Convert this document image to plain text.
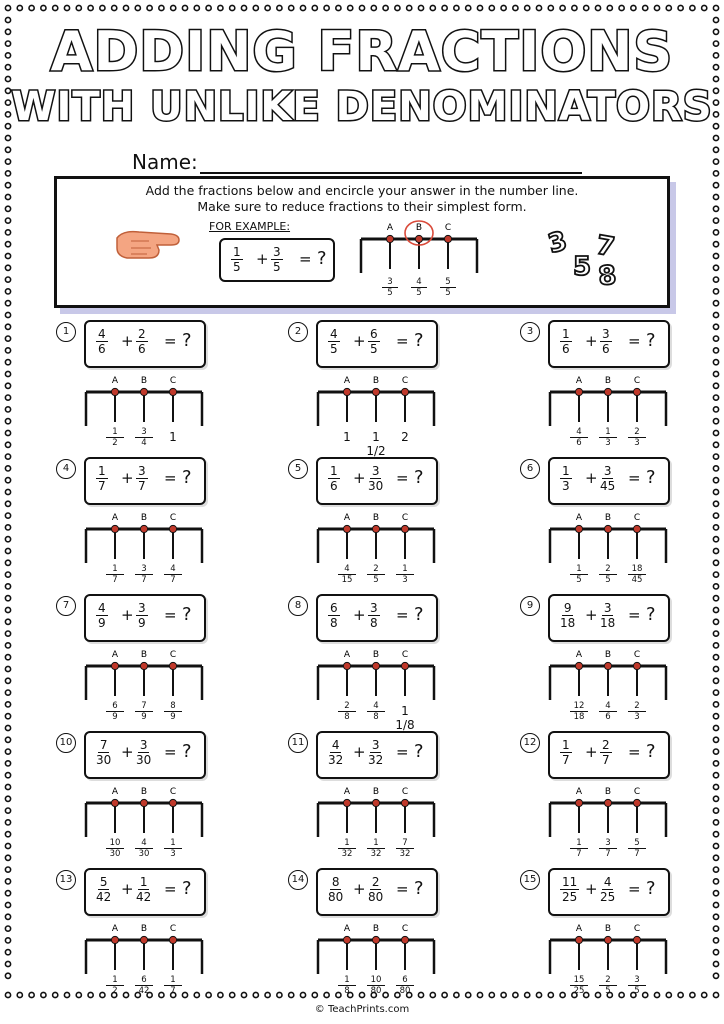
ADDING FRACTIONS
WITH UNLIKE DENOMINATORS
Name:
Add the fractions below and encircle your answer in the number line.
Make sure to reduce fractions to their simplest form.
FOR EXAMPLE:
$\frac{1}{5} + \frac{3}{5}$ = ?
A	B	C	3
5
7
8
3
5
4
5
5
5
1	$\frac{4}{6} + \frac{2}{6}$ = ?
A	B	C
1
2
3
4	1
2	$\frac{4}{5} + \frac{6}{5}$ = ?
A	B	C
1	1 1/2
2
3	$\frac{1}{6} + \frac{3}{6}$ = ?
A	B	C
4
6
1
3
2
3
4	$\frac{1}{7} + \frac{3}{7}$ = ?
A	B	C
1
7
3
7
4
7
5	$\frac{1}{6} + \frac{3}{30}$ = ?
A	B	C
4
15
2
5
1
3
6	$\frac{1}{3} + \frac{3}{45}$ = ?
A	B	C
1
5
2
5
18
45
7	$\frac{4}{9} + \frac{3}{9}$ = ?
A	B	C
6
9
7
9
8
9
8	$\frac{6}{8} + \frac{3}{8}$ = ?
A	B	C
2
8
4
8	1 1/8
9	$\frac{9}{18} + \frac{3}{18}$ = ?
A	B	C
12
18
4
6
2
3
10	$\frac{7}{30} + \frac{3}{30}$ = ?
A	B	C
10
30
4
30
1
3
11	$\frac{4}{32} + \frac{3}{32}$ = ?
A	B	C
1
32
1
32
7
32
12	$\frac{1}{7} + \frac{2}{7}$ = ?
A	B	C
1
7
3
7
5
7
13	$\frac{5}{42} + \frac{1}{42}$ = ?
A	B	C
1
2
6
42
1
7
14	$\frac{8}{80} + \frac{2}{80}$ = ?
A	B	C
1
8
10
80
6
80
15	$\frac{11}{25} + \frac{4}{25}$ = ?
A	B	C
15
25
2
5
3
5
© TeachPrints.com
